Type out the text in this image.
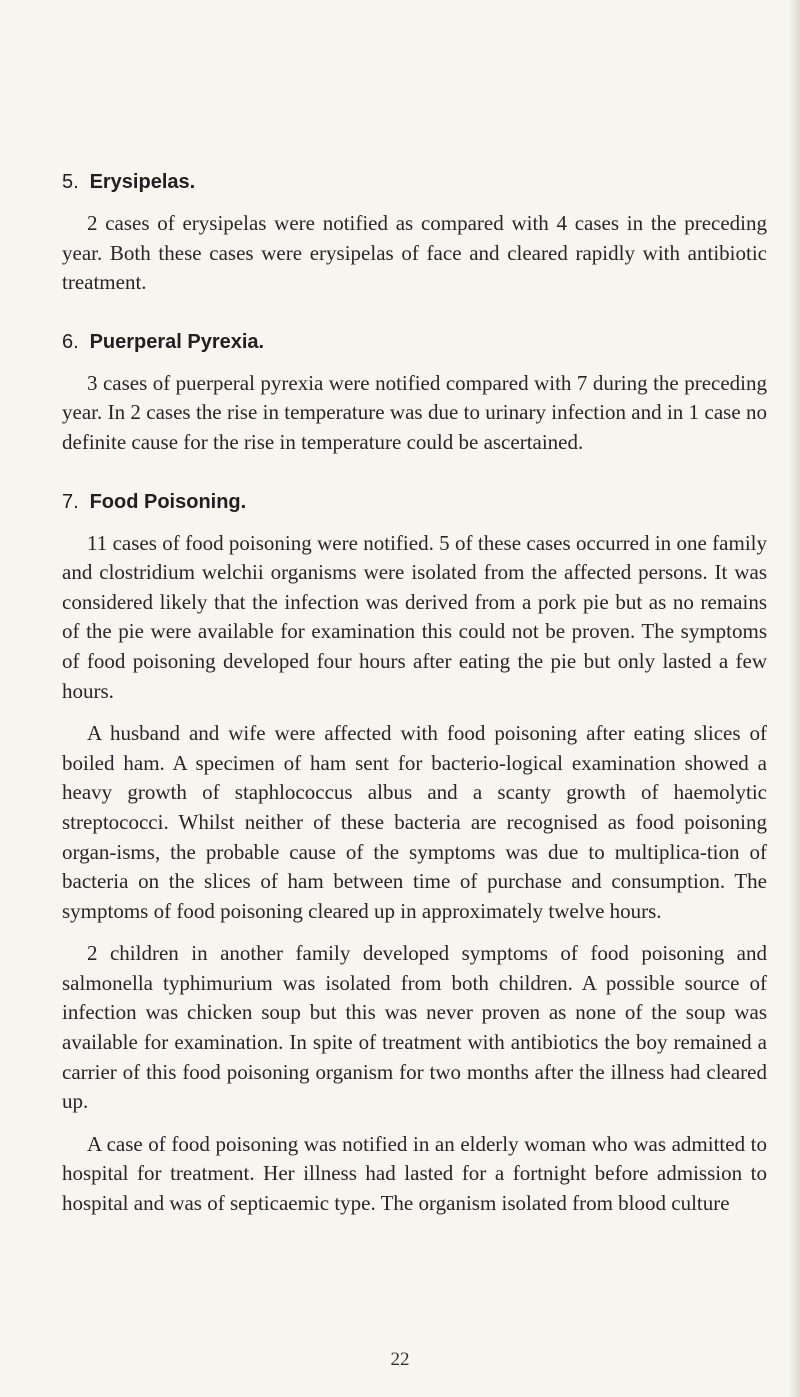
5. Erysipelas.

2 cases of erysipelas were notified as compared with 4 cases in the preceding year. Both these cases were erysipelas of face and cleared rapidly with antibiotic treatment.

6. Puerperal Pyrexia.

3 cases of puerperal pyrexia were notified compared with 7 during the preceding year. In 2 cases the rise in temperature was due to urinary infection and in 1 case no definite cause for the rise in temperature could be ascertained.

7. Food Poisoning.

11 cases of food poisoning were notified. 5 of these cases occurred in one family and clostridium welchii organisms were isolated from the affected persons. It was considered likely that the infection was derived from a pork pie but as no remains of the pie were available for examination this could not be proven. The symptoms of food poisoning developed four hours after eating the pie but only lasted a few hours.

A husband and wife were affected with food poisoning after eating slices of boiled ham. A specimen of ham sent for bacterio-logical examination showed a heavy growth of staphlococcus albus and a scanty growth of haemolytic streptococci. Whilst neither of these bacteria are recognised as food poisoning organ-isms, the probable cause of the symptoms was due to multiplica-tion of bacteria on the slices of ham between time of purchase and consumption. The symptoms of food poisoning cleared up in approximately twelve hours.

2 children in another family developed symptoms of food poisoning and salmonella typhimurium was isolated from both children. A possible source of infection was chicken soup but this was never proven as none of the soup was available for examination. In spite of treatment with antibiotics the boy remained a carrier of this food poisoning organism for two months after the illness had cleared up.

A case of food poisoning was notified in an elderly woman who was admitted to hospital for treatment. Her illness had lasted for a fortnight before admission to hospital and was of septicaemic type. The organism isolated from blood culture

22
